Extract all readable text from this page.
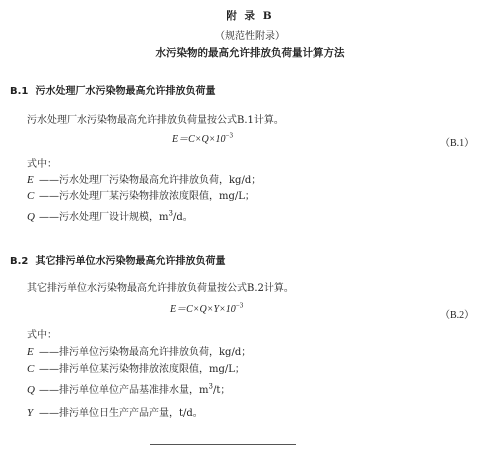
附 录 B
（规范性附录）
水污染物的最高允许排放负荷量计算方法
B.1 污水处理厂水污染物最高允许排放负荷量
污水处理厂水污染物最高允许排放负荷量按公式B.1计算。
$E=C\times Q\times 10^{-3}$
（B.1）
式中：
E ——污水处理厂污染物最高允许排放负荷，kg/d；
C ——污水处理厂某污染物排放浓度限值，mg/L；
Q ——污水处理厂设计规模，$m^3/d$。
B.2 其它排污单位水污染物最高允许排放负荷量
其它排污单位水污染物最高允许排放负荷量按公式B.2计算。
$E=C\times Q\times Y\times 10^{-3}$
（B.2）
式中：
E ——排污单位污染物最高允许排放负荷，kg/d；
C ——排污单位某污染物排放浓度限值，mg/L；
Q ——排污单位单位产品基准排水量，$m^3/t$；
Y ——排污单位日生产产品产量，t/d。
